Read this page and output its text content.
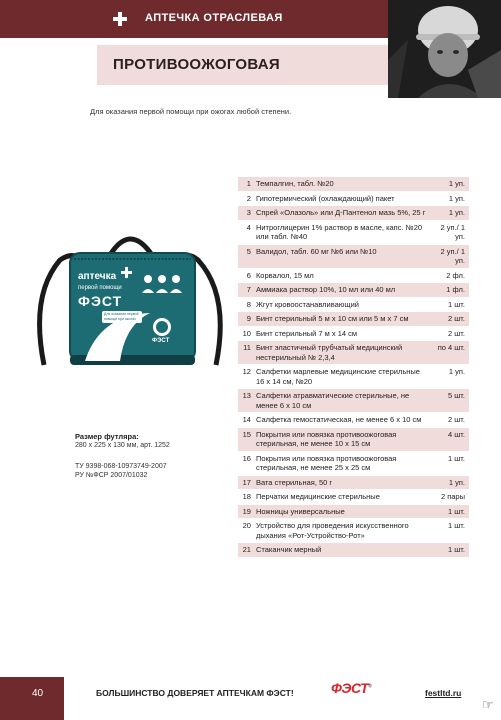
АПТЕЧКА ОТРАСЛЕВАЯ
ПРОТИВООЖОГОВАЯ
Для оказания первой помощи при ожогах любой степени.
аптечка
первой помощи
ФЭСТ
Для оказания первой
помощи при ожогах
ФЭСТ
Размер футляра:
280 х 225 х 130 мм, арт. 1252
ТУ 9398-068-10973749-2007
РУ №ФСР 2007/01032
1	Темпалгин, табл. №20	1 уп.
2	Гипотермический (охлаждающий) пакет	1 уп.
3	Спрей «Олазоль» или Д-Пантенол мазь 5%, 25 г	1 уп.
4	Нитроглицерин 1% раствор в масле, капс. №20 или табл. №40	2 уп./ 1 уп.
5	Валидол, табл. 60 мг №6 или №10	2 уп./ 1 уп.
6	Корвалол, 15 мл	2 фл.
7	Аммиака раствор 10%, 10 мл или 40 мл	1 фл.
8	Жгут кровоостанавливающий	1 шт.
9	Бинт стерильный 5 м х 10 см или 5 м х 7 см	2 шт.
10	Бинт стерильный 7 м х 14 см	2 шт.
11	Бинт эластичный трубчатый медицинский нестерильный № 2,3,4	по 4 шт.
12	Салфетки марлевые медицинские стерильные 16 х 14 см, №20	1 уп.
13	Салфетки атравматические стерильные, не менее 6 х 10 см	5 шт.
14	Салфетка гемостатическая, не менее 6 х 10 см	2 шт.
15	Покрытия или повязка противоожоговая стерильная, не менее 10 х 15 см	4 шт.
16	Покрытия или повязка противоожоговая стерильная, не менее 25 х 25 см	1 шт.
17	Вата стерильная, 50 г	1 уп.
18	Перчатки медицинские стерильные	2 пары
19	Ножницы универсальные	1 шт.
20	Устройство для проведения искусственного дыхания «Рот-Устройство-Рот»	1 шт.
21	Стаканчик мерный	1 шт.
40	БОЛЬШИНСТВО ДОВЕРЯЕТ АПТЕЧКАМ ФЭСТ!	ФЭСТ®
festltd.ru
☞
